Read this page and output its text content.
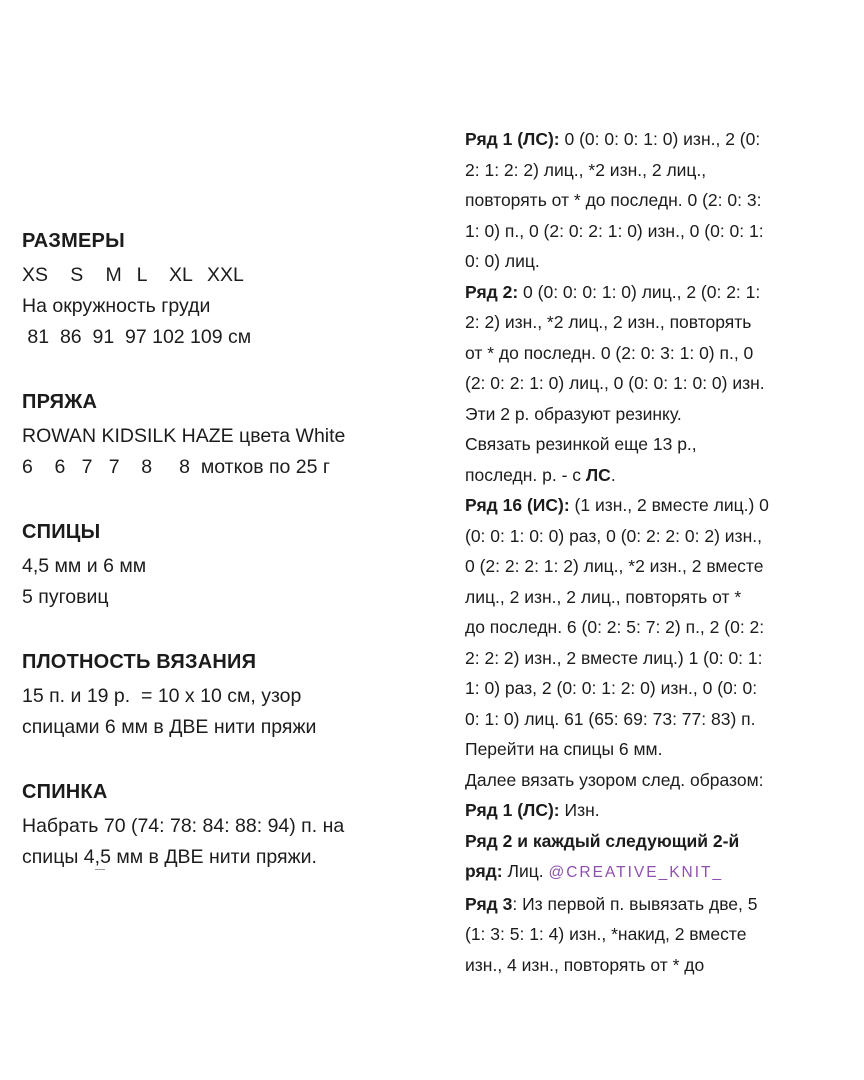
РАЗМЕРЫ

XS   S   M  L   XL  XXL

На окружность груди

81  86  91  97 102 109 см

ПРЯЖА

ROWAN KIDSILK HAZE цвета White

6    6   7   7    8     8  мотков по 25 г

СПИЦЫ

4,5 мм и 6 мм

5 пуговиц

ПЛОТНОСТЬ ВЯЗАНИЯ

15 п. и 19 р.  = 10 х 10 см, узор

спицами 6 мм в ДВЕ нити пряжи

СПИНКА

Набрать 70 (74: 78: 84: 88: 94) п. на

спицы 4,5 мм в ДВЕ нити пряжи.

Ряд 1 (ЛС): 0 (0: 0: 0: 1: 0) изн., 2 (0:

2: 1: 2: 2) лиц., *2 изн., 2 лиц.,

повторять от * до последн. 0 (2: 0: 3:

1: 0) п., 0 (2: 0: 2: 1: 0) изн., 0 (0: 0: 1:

0: 0) лиц.

Ряд 2: 0 (0: 0: 0: 1: 0) лиц., 2 (0: 2: 1:

2: 2) изн., *2 лиц., 2 изн., повторять

от * до последн. 0 (2: 0: 3: 1: 0) п., 0

(2: 0: 2: 1: 0) лиц., 0 (0: 0: 1: 0: 0) изн.

Эти 2 р. образуют резинку.

Связать резинкой еще 13 р.,

последн. р. - с ЛС.

Ряд 16 (ИС): (1 изн., 2 вместе лиц.) 0

(0: 0: 1: 0: 0) раз, 0 (0: 2: 2: 0: 2) изн.,

0 (2: 2: 2: 1: 2) лиц., *2 изн., 2 вместе

лиц., 2 изн., 2 лиц., повторять от *

до последн. 6 (0: 2: 5: 7: 2) п., 2 (0: 2:

2: 2: 2) изн., 2 вместе лиц.) 1 (0: 0: 1:

1: 0) раз, 2 (0: 0: 1: 2: 0) изн., 0 (0: 0:

0: 1: 0) лиц. 61 (65: 69: 73: 77: 83) п.

Перейти на спицы 6 мм.

Далее вязать узором след. образом:

Ряд 1 (ЛС): Изн.

Ряд 2 и каждый следующий 2-й

ряд: Лиц. @CREATIVE_KNIT_

Ряд 3: Из первой п. вывязать две, 5

(1: 3: 5: 1: 4) изн., *накид, 2 вместе

изн., 4 изн., повторять от * до
